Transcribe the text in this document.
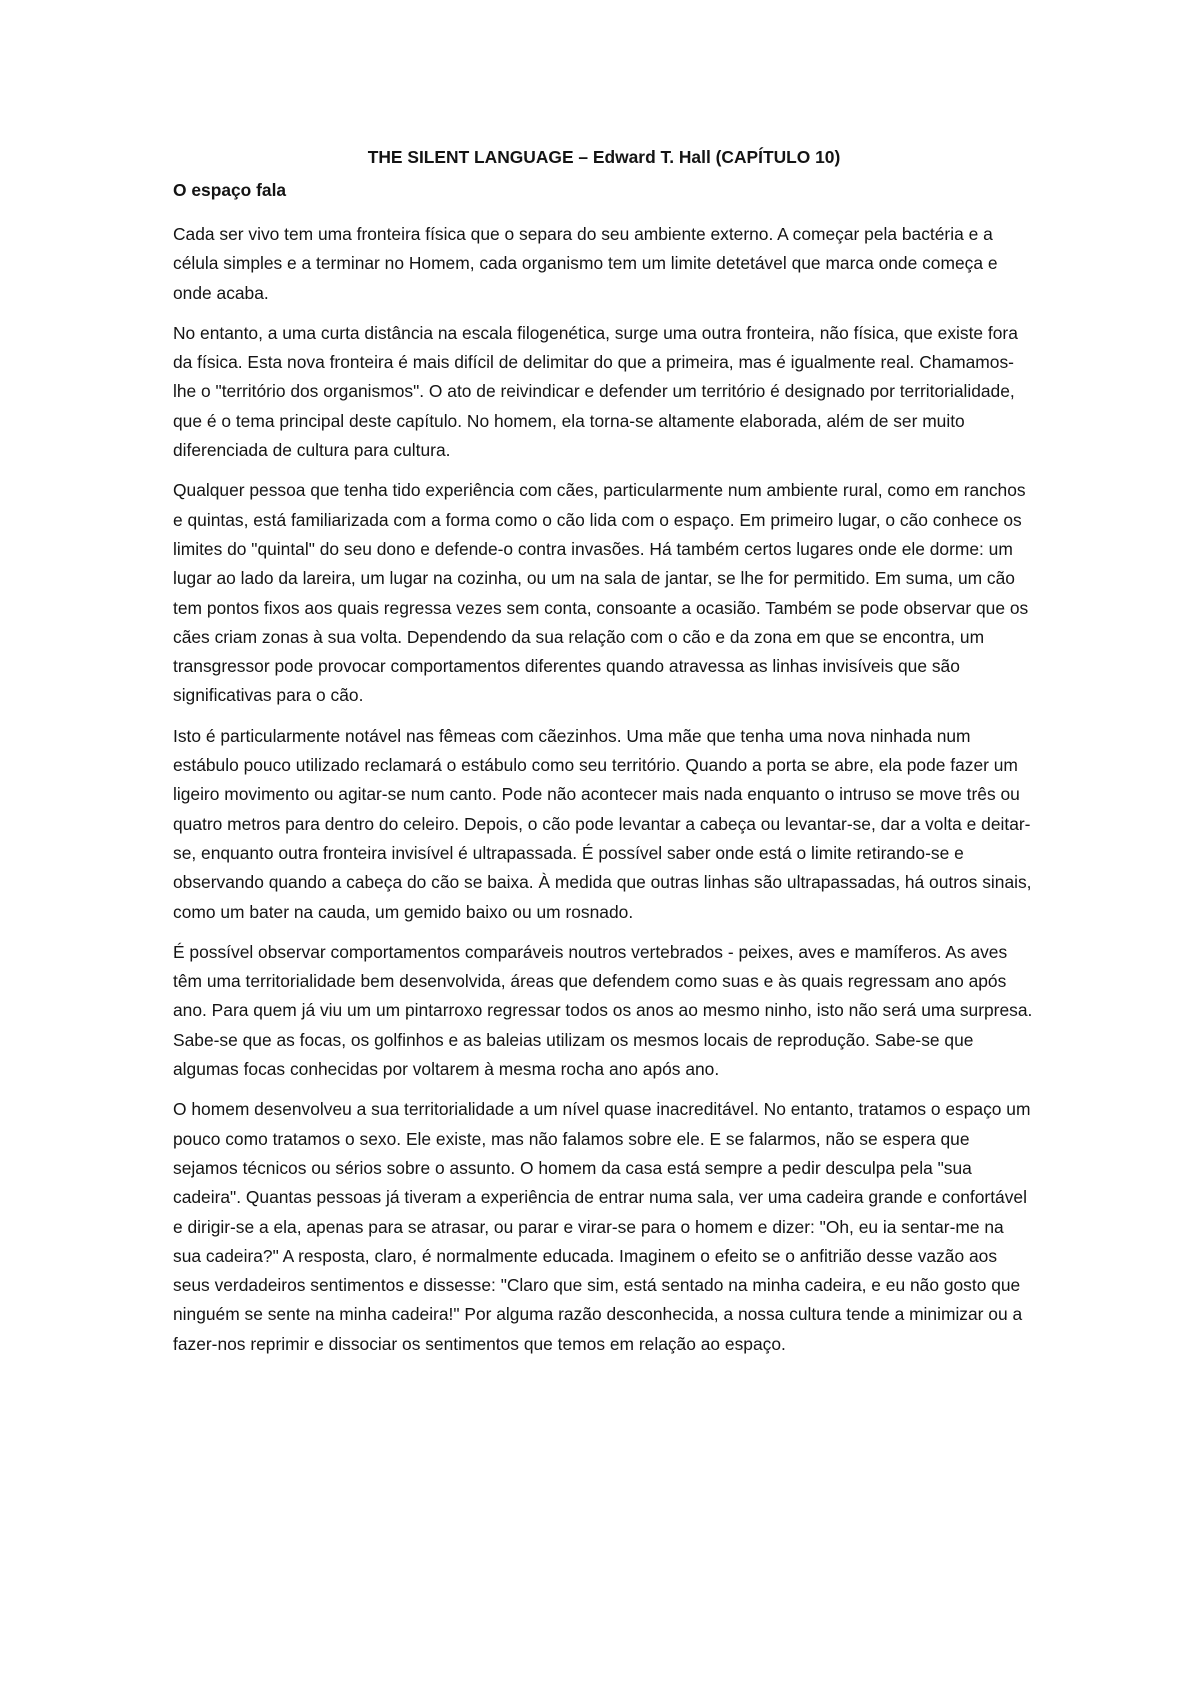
THE SILENT LANGUAGE – Edward T. Hall (CAPÍTULO 10)

O espaço fala

Cada ser vivo tem uma fronteira física que o separa do seu ambiente externo. A começar pela bactéria e a célula simples e a terminar no Homem, cada organismo tem um limite detetável que marca onde começa e onde acaba.

No entanto, a uma curta distância na escala filogenética, surge uma outra fronteira, não física, que existe fora da física. Esta nova fronteira é mais difícil de delimitar do que a primeira, mas é igualmente real. Chamamos-lhe o "território dos organismos". O ato de reivindicar e defender um território é designado por territorialidade, que é o tema principal deste capítulo. No homem, ela torna-se altamente elaborada, além de ser muito diferenciada de cultura para cultura.

Qualquer pessoa que tenha tido experiência com cães, particularmente num ambiente rural, como em ranchos e quintas, está familiarizada com a forma como o cão lida com o espaço. Em primeiro lugar, o cão conhece os limites do "quintal" do seu dono e defende-o contra invasões. Há também certos lugares onde ele dorme: um lugar ao lado da lareira, um lugar na cozinha, ou um na sala de jantar, se lhe for permitido. Em suma, um cão tem pontos fixos aos quais regressa vezes sem conta, consoante a ocasião. Também se pode observar que os cães criam zonas à sua volta. Dependendo da sua relação com o cão e da zona em que se encontra, um transgressor pode provocar comportamentos diferentes quando atravessa as linhas invisíveis que são significativas para o cão.

Isto é particularmente notável nas fêmeas com cãezinhos. Uma mãe que tenha uma nova ninhada num estábulo pouco utilizado reclamará o estábulo como seu território. Quando a porta se abre, ela pode fazer um ligeiro movimento ou agitar-se num canto. Pode não acontecer mais nada enquanto o intruso se move três ou quatro metros para dentro do celeiro. Depois, o cão pode levantar a cabeça ou levantar-se, dar a volta e deitar-se, enquanto outra fronteira invisível é ultrapassada. É possível saber onde está o limite retirando-se e observando quando a cabeça do cão se baixa. À medida que outras linhas são ultrapassadas, há outros sinais, como um bater na cauda, um gemido baixo ou um rosnado.

É possível observar comportamentos comparáveis noutros vertebrados - peixes, aves e mamíferos. As aves têm uma territorialidade bem desenvolvida, áreas que defendem como suas e às quais regressam ano após ano. Para quem já viu um um pintarroxo regressar todos os anos ao mesmo ninho, isto não será uma surpresa. Sabe-se que as focas, os golfinhos e as baleias utilizam os mesmos locais de reprodução. Sabe-se que algumas focas conhecidas por voltarem à mesma rocha ano após ano.

O homem desenvolveu a sua territorialidade a um nível quase inacreditável. No entanto, tratamos o espaço um pouco como tratamos o sexo. Ele existe, mas não falamos sobre ele. E se falarmos, não se espera que sejamos técnicos ou sérios sobre o assunto. O homem da casa está sempre a pedir desculpa pela "sua cadeira". Quantas pessoas já tiveram a experiência de entrar numa sala, ver uma cadeira grande e confortável e dirigir-se a ela, apenas para se atrasar, ou parar e virar-se para o homem e dizer: "Oh, eu ia sentar-me na sua cadeira?" A resposta, claro, é normalmente educada. Imaginem o efeito se o anfitrião desse vazão aos seus verdadeiros sentimentos e dissesse: "Claro que sim, está sentado na minha cadeira, e eu não gosto que ninguém se sente na minha cadeira!" Por alguma razão desconhecida, a nossa cultura tende a minimizar ou a fazer-nos reprimir e dissociar os sentimentos que temos em relação ao espaço.
